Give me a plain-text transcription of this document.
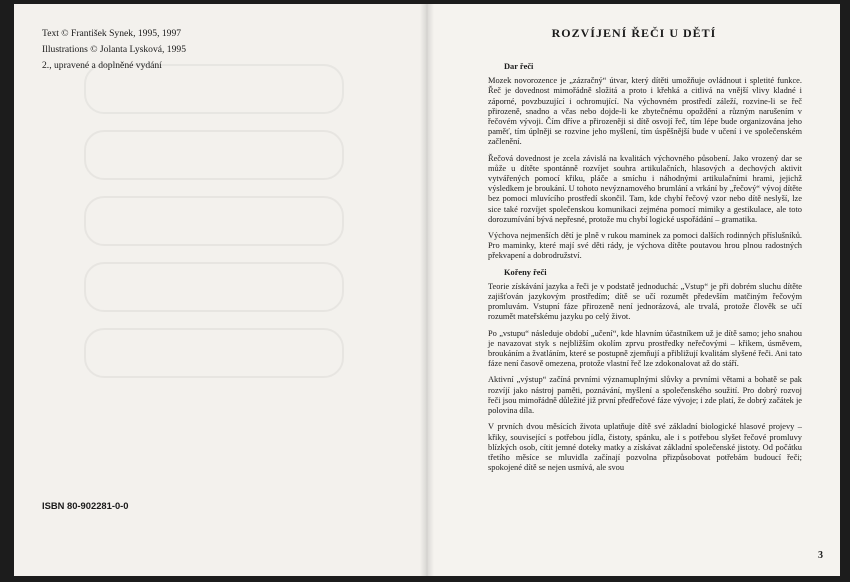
Text © František Synek, 1995, 1997
Illustrations © Jolanta Lysková, 1995
2., upravené a doplněné vydání
ISBN 80-902281-0-0
ROZVÍJENÍ ŘEČI U DĚTÍ
Dar řeči

Mozek novorozence je „zázračný“ útvar, který dítěti umožňuje ovládnout i spletité funkce. Řeč je dovednost mimořádně složitá a proto i křehká a citlivá na vnější vlivy kladné i záporné, povzbuzující i ochromující. Na výchovném prostředí záleží, rozvine-li se řeč přirozeně, snadno a včas nebo dojde-li ke zbytečnému opoždění a různým narušením v řečovém vývoji. Čím dříve a přirozeněji si dítě osvojí řeč, tím lépe bude organizována jeho paměť, tím úplněji se rozvine jeho myšlení, tím úspěšnější bude v učení i ve společenském začlenění.

Řečová dovednost je zcela závislá na kvalitách výchovného působení. Jako vrozený dar se může u dítěte spontánně rozvíjet souhra artikulačních, hlasových a dechových aktivit vytvářených pomocí křiku, pláče a smíchu i náhodnými artikulačními hrami, jejichž výsledkem je broukání. U tohoto nevýznamového brumlání a vrkání by „řečový“ vývoj dítěte bez pomoci mluvícího prostředí skončil. Tam, kde chybí řečový vzor nebo dítě neslyší, lze sice také rozvíjet společenskou komunikaci zejména pomocí mimiky a gestikulace, ale toto dorozumívání bývá nepřesné, protože mu chybí logické uspořádání – gramatika.

Výchova nejmenších dětí je plně v rukou maminek za pomoci dalších rodinných příslušníků. Pro maminky, které mají své děti rády, je výchova dítěte poutavou hrou plnou radostných překvapení a dobrodružství.

Kořeny řeči

Teorie získávání jazyka a řeči je v podstatě jednoduchá: „Vstup“ je při dobrém sluchu dítěte zajišťován jazykovým prostředím; dítě se učí rozumět především matčiným řečovým promluvám. Vstupní fáze přirozeně není jednorázová, ale trvalá, protože člověk se učí rozumět mateřskému jazyku po celý život.

Po „vstupu“ následuje období „učení“, kde hlavním účastníkem už je dítě samo; jeho snahou je navazovat styk s nejbližším okolím zprvu prostředky neřečovými – křikem, úsměvem, broukáním a žvatláním, které se postupně zjemňují a přibližují kvalitám slyšené řeči. Ani tato fáze není časově omezena, protože vlastní řeč lze zdokonalovat až do stáří.

Aktivní „výstup“ začíná prvními významuplnými slůvky a prvními větami a bohatě se pak rozvíjí jako nástroj paměti, poznávání, myšlení a společenského soužití. Pro dobrý rozvoj řeči jsou mimořádně důležité již první předřečové fáze vývoje; i zde platí, že dobrý začátek je polovina díla.

V prvních dvou měsících života uplatňuje dítě své základní biologické hlasové projevy – křiky, související s potřebou jídla, čistoty, spánku, ale i s potřebou slyšet řečové promluvy blízkých osob, cítit jemné doteky matky a získávat základní společenské jistoty. Od počátku třetího měsíce se mluvidla začínají pozvolna přizpůsobovat potřebám budoucí řeči; spokojené dítě se nejen usmívá, ale svou

3
